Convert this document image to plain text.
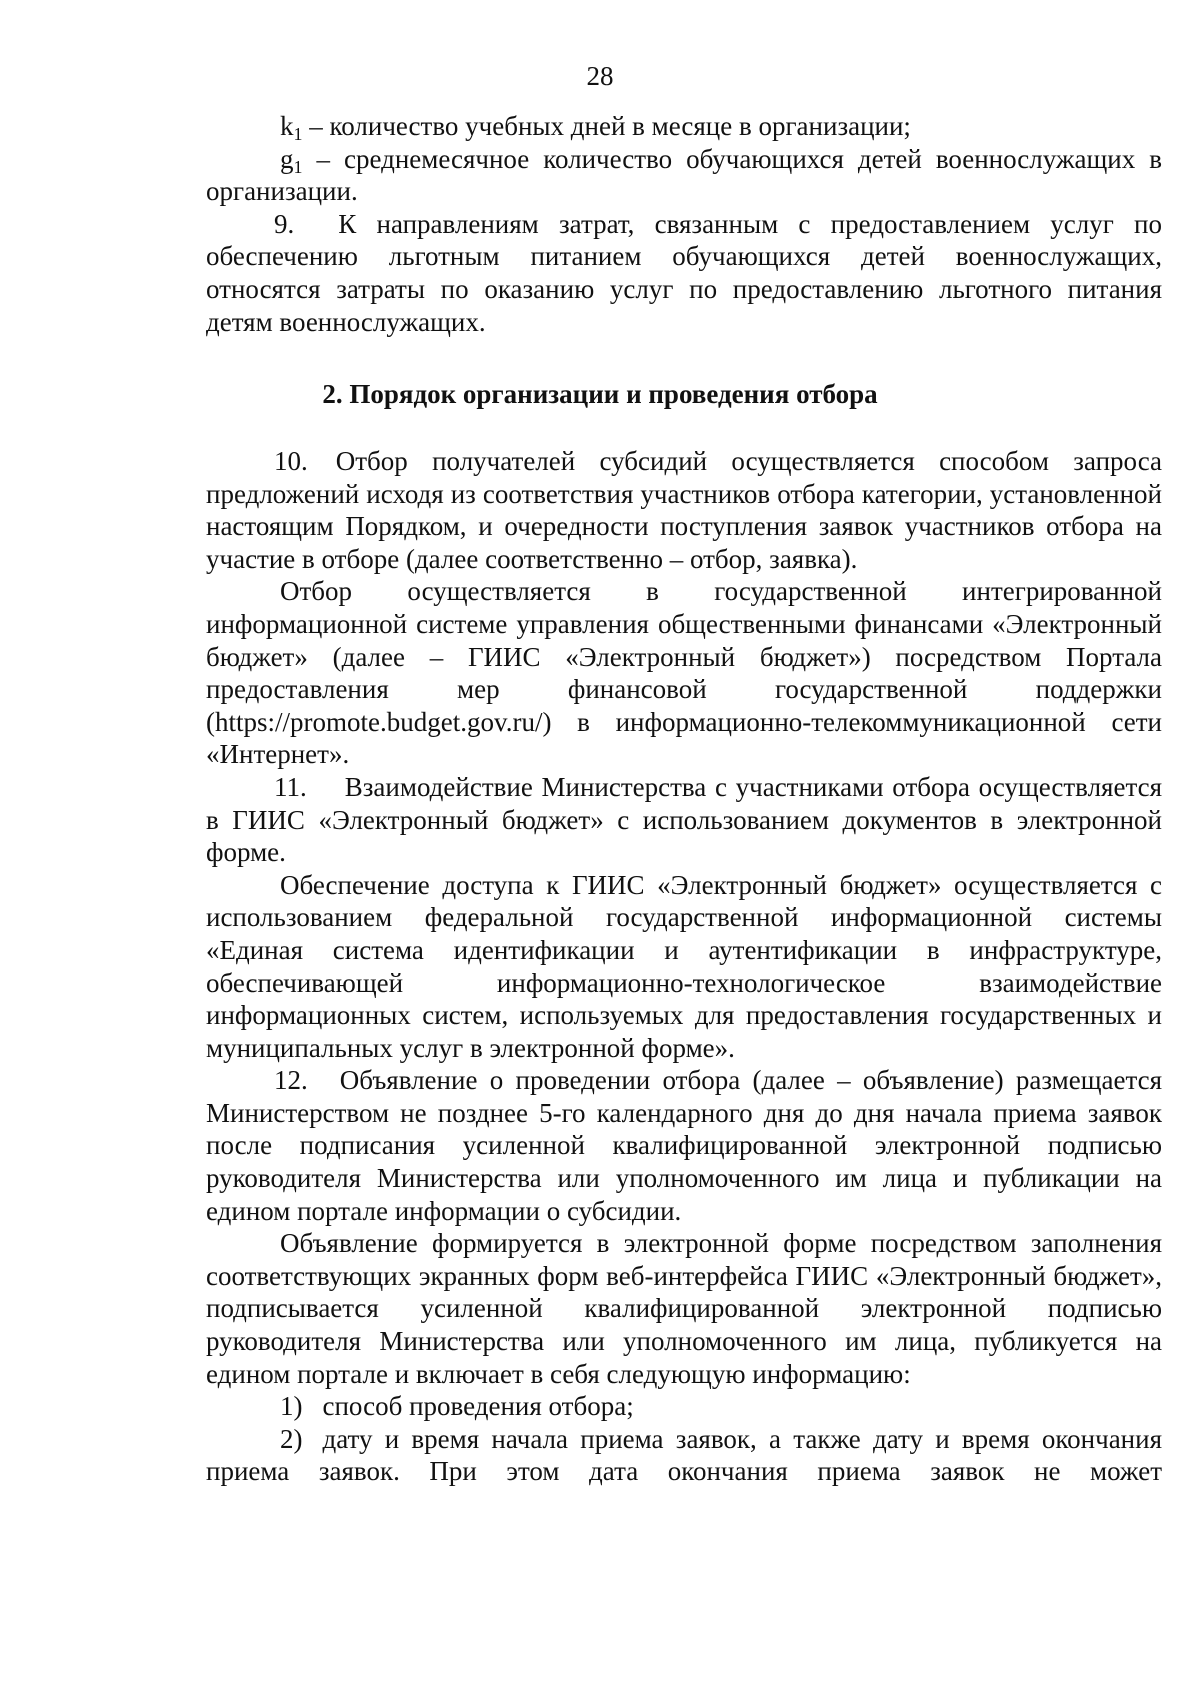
28

$k_1$ – количество учебных дней в месяце в организации;

$g_1$ – среднемесячное количество обучающихся детей военнослужащих в организации.

9. К направлениям затрат, связанным с предоставлением услуг по обеспечению льготным питанием обучающихся детей военнослужащих, относятся затраты по оказанию услуг по предоставлению льготного питания детям военнослужащих.

2. Порядок организации и проведения отбора

10. Отбор получателей субсидий осуществляется способом запроса предложений исходя из соответствия участников отбора категории, установленной настоящим Порядком, и очередности поступления заявок участников отбора на участие в отборе (далее соответственно – отбор, заявка).

Отбор осуществляется в государственной интегрированной информационной системе управления общественными финансами «Электронный бюджет» (далее – ГИИС «Электронный бюджет») посредством Портала предоставления мер финансовой государственной поддержки (https://promote.budget.gov.ru/) в информационно-телекоммуникационной сети «Интернет».

11. Взаимодействие Министерства с участниками отбора осуществляется в ГИИС «Электронный бюджет» с использованием документов в электронной форме.

Обеспечение доступа к ГИИС «Электронный бюджет» осуществляется с использованием федеральной государственной информационной системы «Единая система идентификации и аутентификации в инфраструктуре, обеспечивающей информационно-технологическое взаимодействие информационных систем, используемых для предоставления государственных и муниципальных услуг в электронной форме».

12. Объявление о проведении отбора (далее – объявление) размещается Министерством не позднее 5-го календарного дня до дня начала приема заявок после подписания усиленной квалифицированной электронной подписью руководителя Министерства или уполномоченного им лица и публикации на едином портале информации о субсидии.

Объявление формируется в электронной форме посредством заполнения соответствующих экранных форм веб-интерфейса ГИИС «Электронный бюджет», подписывается усиленной квалифицированной электронной подписью руководителя Министерства или уполномоченного им лица, публикуется на едином портале и включает в себя следующую информацию:

1) способ проведения отбора;

2) дату и время начала приема заявок, а также дату и время окончания приема заявок. При этом дата окончания приема заявок не может
